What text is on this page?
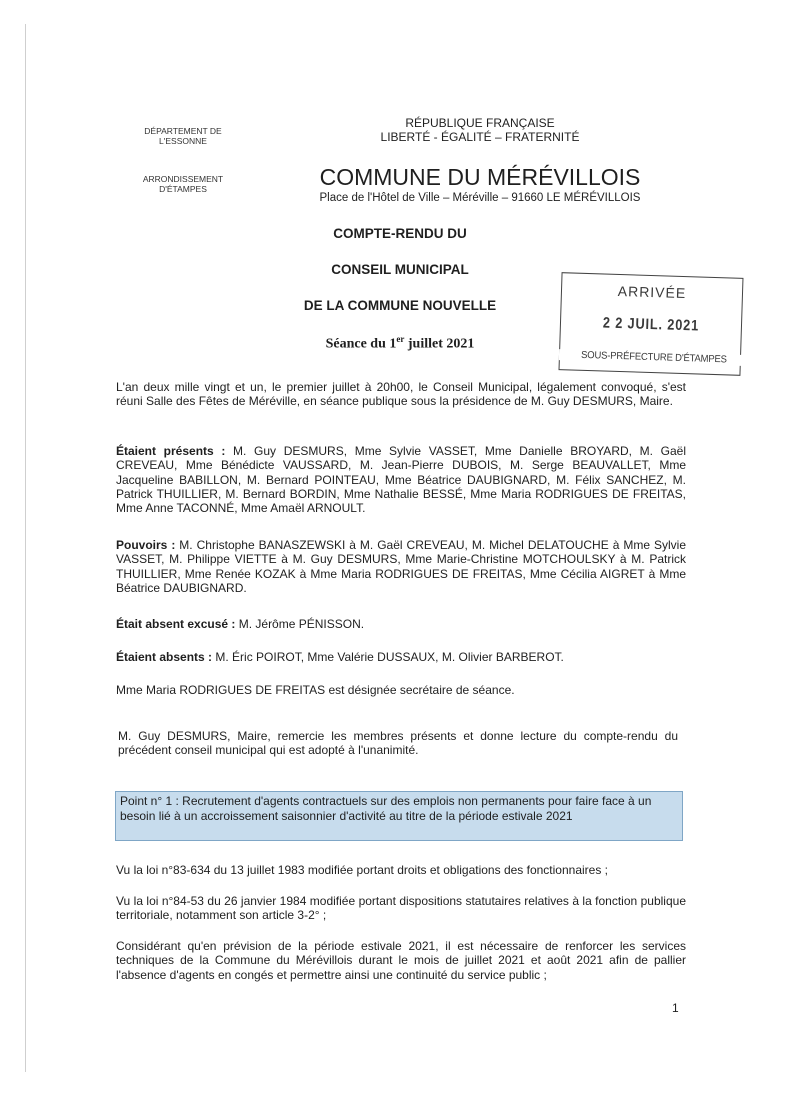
DÉPARTEMENT DE
L'ESSONNE
ARRONDISSEMENT
D'ÉTAMPES
RÉPUBLIQUE FRANÇAISE
LIBERTÉ - ÉGALITÉ – FRATERNITÉ
COMMUNE DU MÉRÉVILLOIS
Place de l'Hôtel de Ville – Méréville – 91660 LE MÉRÉVILLOIS
COMPTE-RENDU DU
CONSEIL MUNICIPAL
DE LA COMMUNE NOUVELLE
Séance du 1er juillet 2021
ARRIVÉE
2 2 JUIL. 2021
SOUS-PRÉFECTURE D'ÉTAMPES
L'an deux mille vingt et un, le premier juillet à 20h00, le Conseil Municipal, légalement convoqué, s'est réuni Salle des Fêtes de Méréville, en séance publique sous la présidence de M. Guy DESMURS, Maire.
Étaient présents : M. Guy DESMURS, Mme Sylvie VASSET, Mme Danielle BROYARD, M. Gaël CREVEAU, Mme Bénédicte VAUSSARD, M. Jean-Pierre DUBOIS, M. Serge BEAUVALLET, Mme Jacqueline BABILLON, M. Bernard POINTEAU, Mme Béatrice DAUBIGNARD, M. Félix SANCHEZ, M. Patrick THUILLIER, M. Bernard BORDIN, Mme Nathalie BESSÉ, Mme Maria RODRIGUES DE FREITAS, Mme Anne TACONNÉ, Mme Amaël ARNOULT.
Pouvoirs : M. Christophe BANASZEWSKI à M. Gaël CREVEAU, M. Michel DELATOUCHE à Mme Sylvie VASSET, M. Philippe VIETTE à M. Guy DESMURS, Mme Marie-Christine MOTCHOULSKY à M. Patrick THUILLIER, Mme Renée KOZAK à Mme Maria RODRIGUES DE FREITAS, Mme Cécilia AIGRET à Mme Béatrice DAUBIGNARD.
Était absent excusé : M. Jérôme PÉNISSON.
Étaient absents : M. Éric POIROT, Mme Valérie DUSSAUX, M. Olivier BARBEROT.
Mme Maria RODRIGUES DE FREITAS est désignée secrétaire de séance.
M. Guy DESMURS, Maire, remercie les membres présents et donne lecture du compte-rendu du précédent conseil municipal qui est adopté à l'unanimité.
Point n° 1 : Recrutement d'agents contractuels sur des emplois non permanents pour faire face à un besoin lié à un accroissement saisonnier d'activité au titre de la période estivale 2021
Vu la loi n°83-634 du 13 juillet 1983 modifiée portant droits et obligations des fonctionnaires ;
Vu la loi n°84-53 du 26 janvier 1984 modifiée portant dispositions statutaires relatives à la fonction publique territoriale, notamment son article 3-2° ;
Considérant qu'en prévision de la période estivale 2021, il est nécessaire de renforcer les services techniques de la Commune du Mérévillois durant le mois de juillet 2021 et août 2021 afin de pallier l'absence d'agents en congés et permettre ainsi une continuité du service public ;
1
